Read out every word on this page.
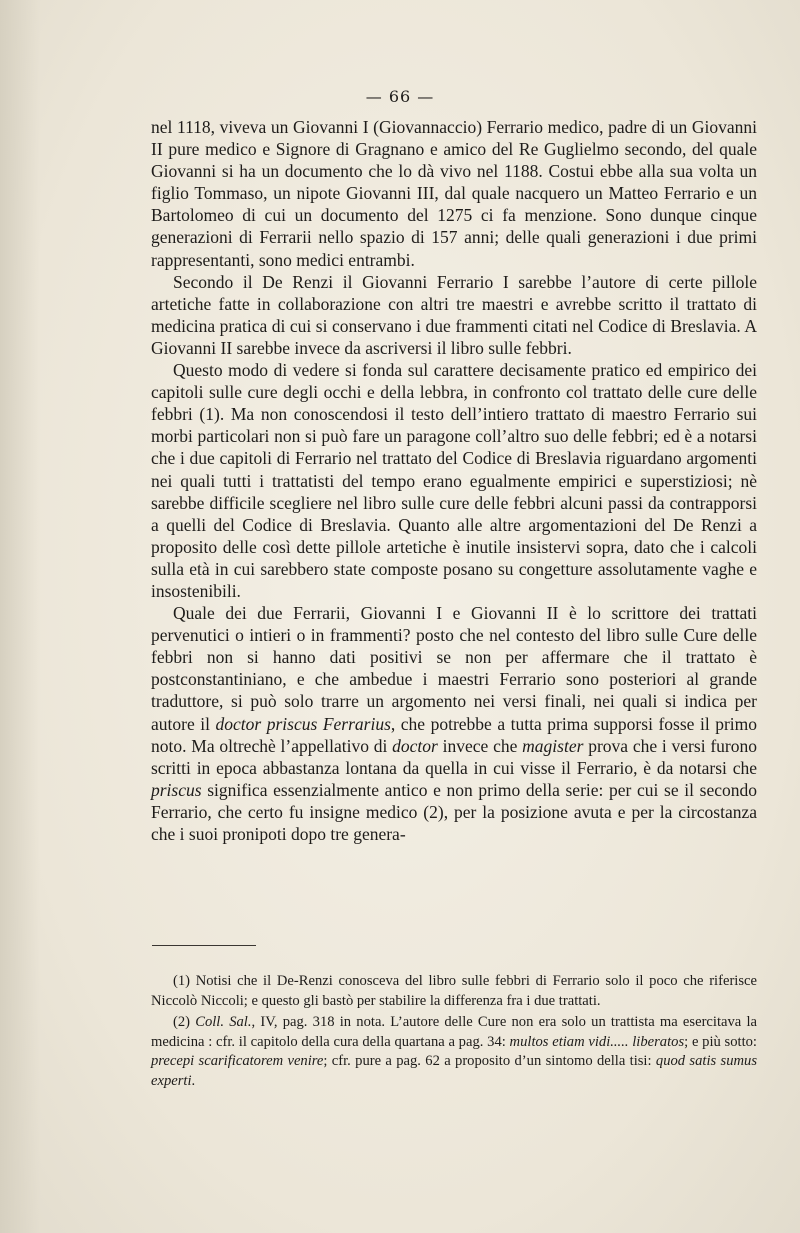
— 66 —

nel 1118, viveva un Giovanni I (Giovannaccio) Ferrario medico, padre di un Giovanni II pure medico e Signore di Gragnano e amico del Re Guglielmo secondo, del quale Giovanni si ha un documento che lo dà vivo nel 1188. Costui ebbe alla sua volta un figlio Tommaso, un nipote Giovanni III, dal quale nacquero un Matteo Ferrario e un Bartolomeo di cui un documento del 1275 ci fa menzione. Sono dunque cinque generazioni di Ferrarii nello spazio di 157 anni; delle quali generazioni i due primi rappresentanti, sono medici entrambi.

Secondo il De Renzi il Giovanni Ferrario I sarebbe l’autore di certe pillole artetiche fatte in collaborazione con altri tre maestri e avrebbe scritto il trattato di medicina pratica di cui si conservano i due frammenti citati nel Codice di Breslavia. A Giovanni II sarebbe invece da ascriversi il libro sulle febbri.

Questo modo di vedere si fonda sul carattere decisamente pratico ed empirico dei capitoli sulle cure degli occhi e della lebbra, in confronto col trattato delle cure delle febbri (1). Ma non conoscendosi il testo dell’intiero trattato di maestro Ferrario sui morbi particolari non si può fare un paragone coll’altro suo delle febbri; ed è a notarsi che i due capitoli di Ferrario nel trattato del Codice di Breslavia riguardano argomenti nei quali tutti i trattatisti del tempo erano egualmente empirici e superstiziosi; nè sarebbe difficile scegliere nel libro sulle cure delle febbri alcuni passi da contrapporsi a quelli del Codice di Breslavia. Quanto alle altre argomentazioni del De Renzi a proposito delle così dette pillole artetiche è inutile insistervi sopra, dato che i calcoli sulla età in cui sarebbero state composte posano su congetture assolutamente vaghe e insostenibili.

Quale dei due Ferrarii, Giovanni I e Giovanni II è lo scrittore dei trattati pervenutici o intieri o in frammenti? posto che nel contesto del libro sulle Cure delle febbri non si hanno dati positivi se non per affermare che il trattato è postconstantiniano, e che ambedue i maestri Ferrario sono posteriori al grande traduttore, si può solo trarre un argomento nei versi finali, nei quali si indica per autore il doctor priscus Ferrarius, che potrebbe a tutta prima supporsi fosse il primo noto. Ma oltrechè l’appellativo di doctor invece che magister prova che i versi furono scritti in epoca abbastanza lontana da quella in cui visse il Ferrario, è da notarsi che priscus significa essenzialmente antico e non primo della serie: per cui se il secondo Ferrario, che certo fu insigne medico (2), per la posizione avuta e per la circostanza che i suoi pronipoti dopo tre genera-

(1) Notisi che il De-Renzi conosceva del libro sulle febbri di Ferrario solo il poco che riferisce Niccolò Niccoli; e questo gli bastò per stabilire la differenza fra i due trattati.

(2) Coll. Sal., IV, pag. 318 in nota. L’autore delle Cure non era solo un trattista ma esercitava la medicina : cfr. il capitolo della cura della quartana a pag. 34: multos etiam vidi..... liberatos; e più sotto: precepi scarificatorem venire; cfr. pure a pag. 62 a proposito d’un sintomo della tisi: quod satis sumus experti.
